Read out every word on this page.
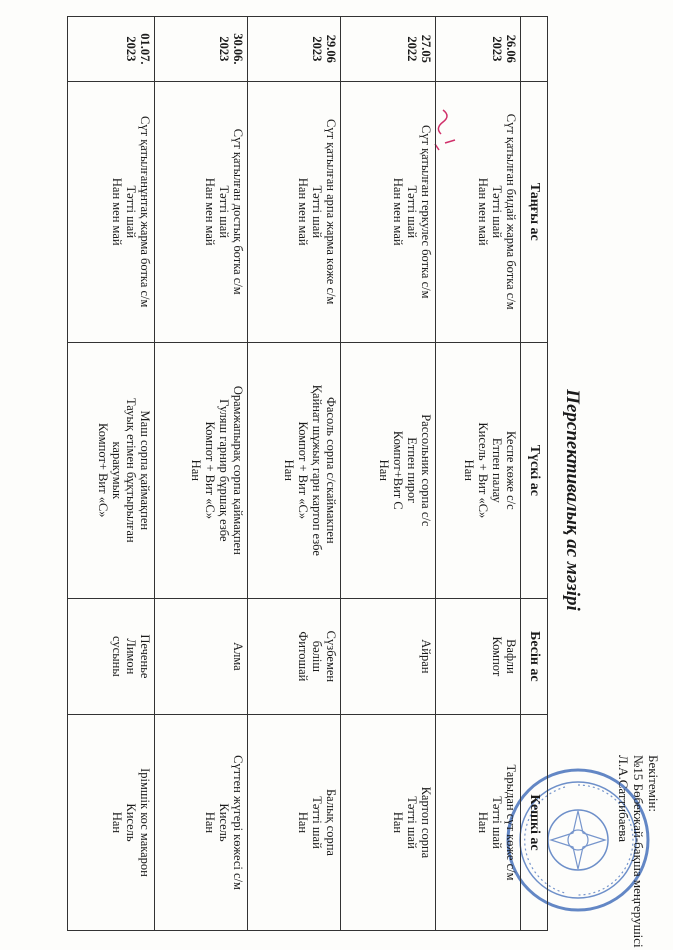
Бекітемін:
№15 Бөбекжай-бақша меңгерушісі
Л.А.Саттибаева
Перспективалық ас мәзірі
	Таңғы ас	Түскі ас	Бесін ас	Кешкі ас

26.06
2023	Сүт қатылған бидай жарма ботка с/м
Тәтті шай
Нан мен май	Кеспе көже с/с
Етпен палау
Кисель + Вит «С»
Нан	Вафли
Компот	Тарыдан сүт көже с/м
Тәтті шай
Нан

27.05
2022	Сүт қатылған геркулес ботка с/м
Тәтті шай
Нан мен май	Рассольник сорпа с/с
Етпен пирог
Компот+Вит С
Нан	Айран	Картоп сорпа
Тәтті шай
Нан

29.06
2023	Сүт қатылған арпа жарма көже с/м
Тәтті шай
Нан мен май	Фасоль сорпа с/скаймакпен
Қайнат шұжық гарн картоп езбе
Компот + Вит «С»
Нан	Сүзбемен
бәліш
Фитошай	Балық сорпа
Тәтті шай
Нан

30.06.
2023	Сүт қатылған достық ботка с/м
Тәтті шай
Нан мен май	Орамжапырақ сорпа қаймақпен
Гуляш гарнир бұршақ езбе
Компот + Вит «С»
Нан	Алма	Сүттен жүгері көжесі с/м
Кисель
Нан

01.07.
2023	Сүт қатылғанұнтақ жарма ботка с/м
Тәтті шай
Нан мен май	Маш сорпа қаймақпен
Тауық етімен бұқтырылған
каракумык
Компот+ Вит «С»	Печенье
Лимон
сусыны	Ірімшік кос макарон
Кисель
Нан
